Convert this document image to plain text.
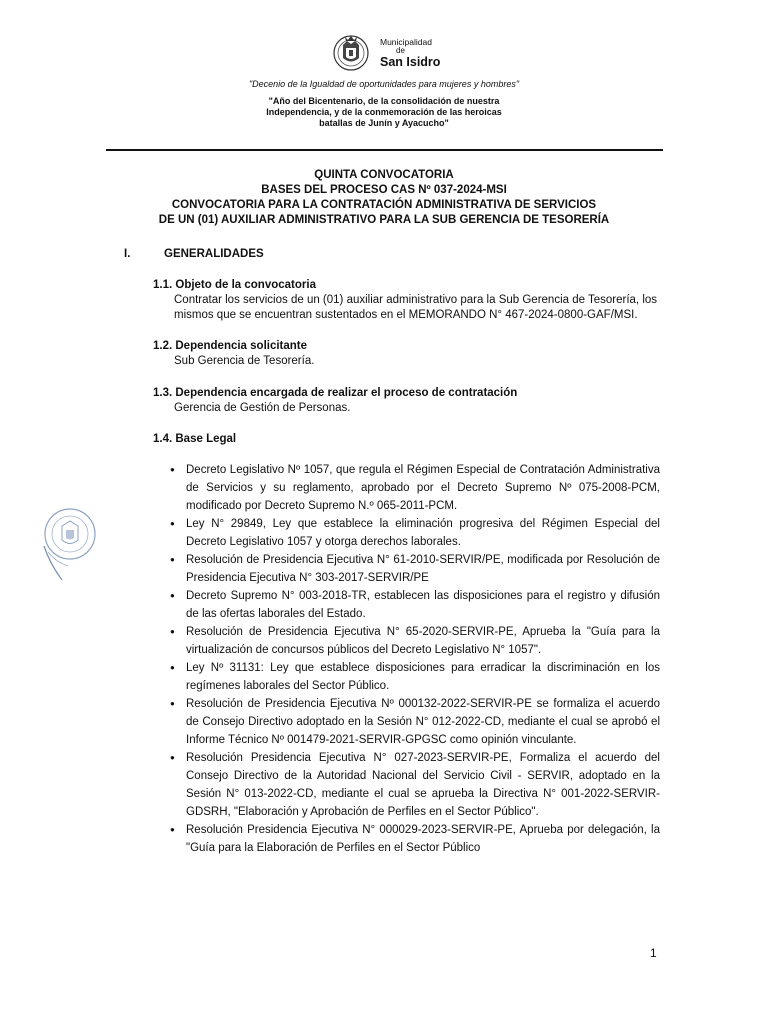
Municipalidad
de
San Isidro
"Decenio de la Igualdad de oportunidades para mujeres y hombres"
"Año del Bicentenario, de la consolidación de nuestra
Independencia, y de la conmemoración de las heroicas
batallas de Junín y Ayacucho"
QUINTA CONVOCATORIA
BASES DEL PROCESO CAS Nº 037-2024-MSI
CONVOCATORIA PARA LA CONTRATACIÓN ADMINISTRATIVA DE SERVICIOS
DE UN (01) AUXILIAR ADMINISTRATIVO PARA LA SUB GERENCIA DE TESORERÍA
I.	GENERALIDADES
1.1. Objeto de la convocatoria
Contratar los servicios de un (01) auxiliar administrativo para la Sub Gerencia de Tesorería, los mismos que se encuentran sustentados en el MEMORANDO N° 467-2024-0800-GAF/MSI.
1.2. Dependencia solicitante
Sub Gerencia de Tesorería.
1.3. Dependencia encargada de realizar el proceso de contratación
Gerencia de Gestión de Personas.
1.4. Base Legal
● Decreto Legislativo Nº 1057, que regula el Régimen Especial de Contratación Administrativa de Servicios y su reglamento, aprobado por el Decreto Supremo Nº 075-2008-PCM, modificado por Decreto Supremo N.º 065-2011-PCM.
● Ley N° 29849, Ley que establece la eliminación progresiva del Régimen Especial del Decreto Legislativo 1057 y otorga derechos laborales.
● Resolución de Presidencia Ejecutiva N° 61-2010-SERVIR/PE, modificada por Resolución de Presidencia Ejecutiva N° 303-2017-SERVIR/PE
● Decreto Supremo N° 003-2018-TR, establecen las disposiciones para el registro y difusión de las ofertas laborales del Estado.
● Resolución de Presidencia Ejecutiva N° 65-2020-SERVIR-PE, Aprueba la "Guía para la virtualización de concursos públicos del Decreto Legislativo N° 1057".
● Ley Nº 31131: Ley que establece disposiciones para erradicar la discriminación en los regímenes laborales del Sector Público.
● Resolución de Presidencia Ejecutiva Nº 000132-2022-SERVIR-PE se formaliza el acuerdo de Consejo Directivo adoptado en la Sesión N° 012-2022-CD, mediante el cual se aprobó el Informe Técnico Nº 001479-2021-SERVIR-GPGSC como opinión vinculante.
● Resolución Presidencia Ejecutiva N° 027-2023-SERVIR-PE, Formaliza el acuerdo del Consejo Directivo de la Autoridad Nacional del Servicio Civil - SERVIR, adoptado en la Sesión N° 013-2022-CD, mediante el cual se aprueba la Directiva N° 001-2022-SERVIR-GDSRH, "Elaboración y Aprobación de Perfiles en el Sector Público".
● Resolución Presidencia Ejecutiva N° 000029-2023-SERVIR-PE, Aprueba por delegación, la "Guía para la Elaboración de Perfiles en el Sector Público
1
